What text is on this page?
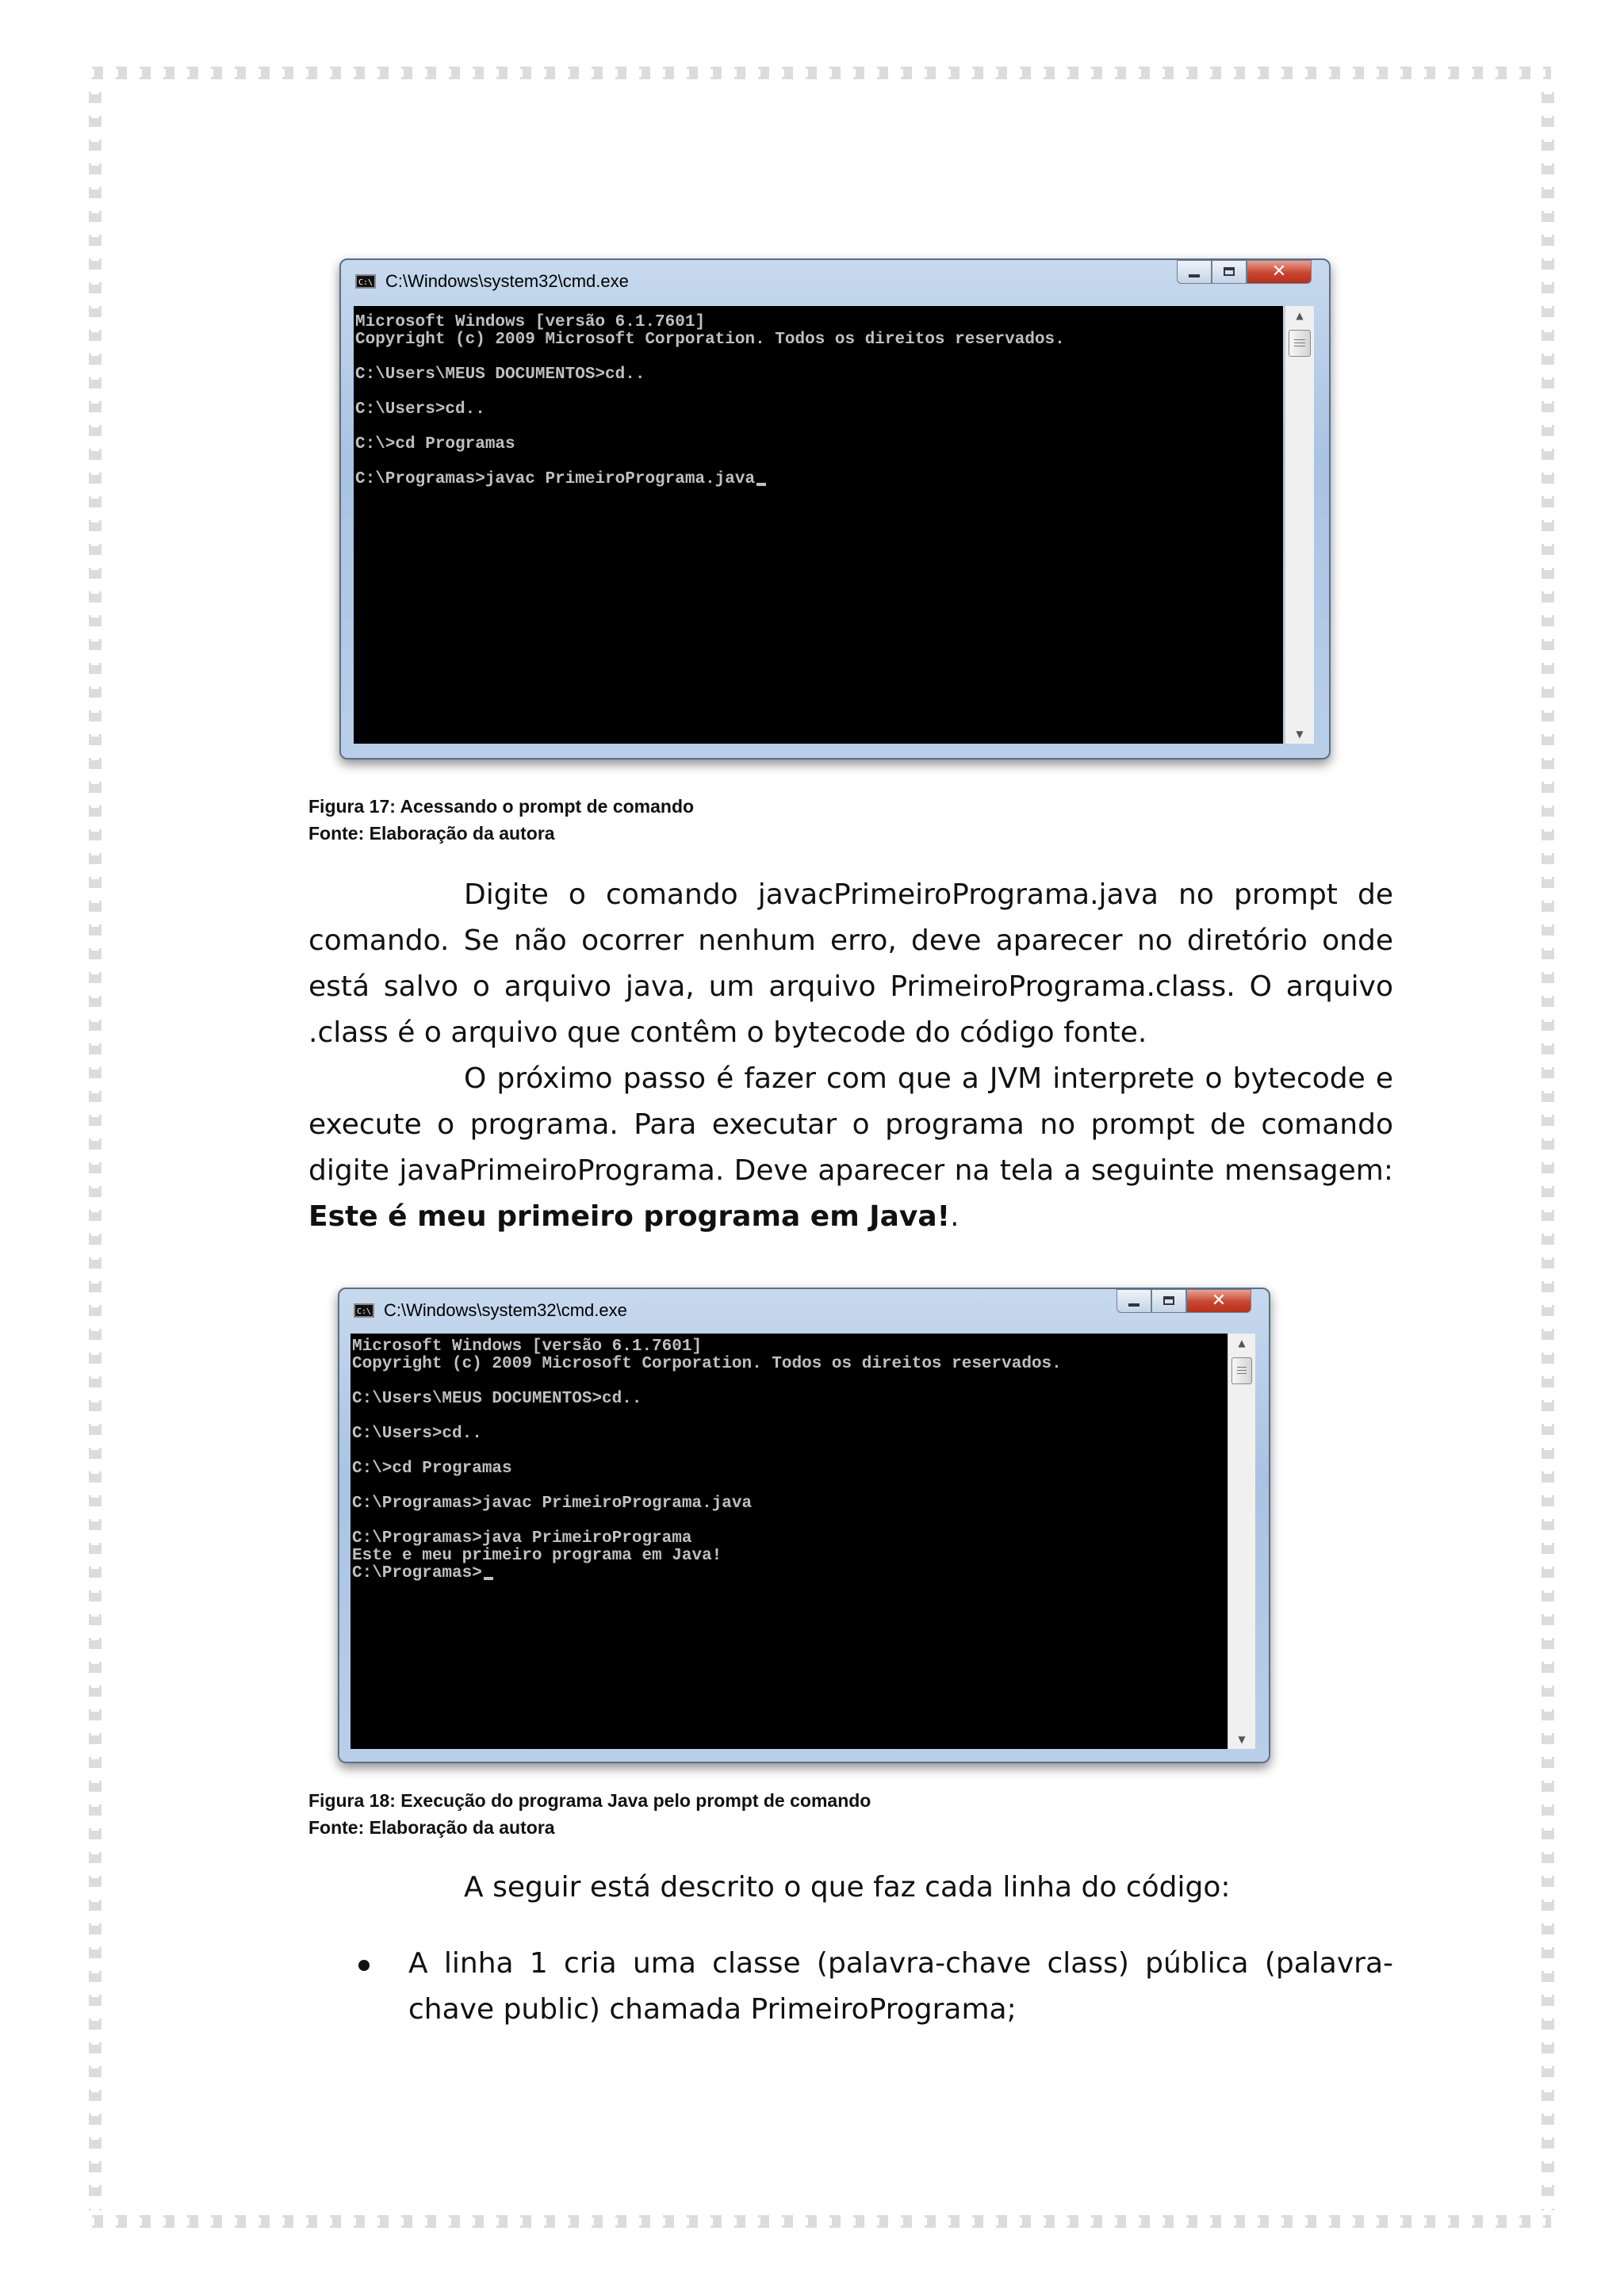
C:\ C:\Windows\system32\cmd.exe	✕
Microsoft Windows [versão 6.1.7601]
Copyright (c) 2009 Microsoft Corporation. Todos os direitos reservados.
C:\Users\MEUS DOCUMENTOS>cd..
C:\Users>cd..
C:\>cd Programas
C:\Programas>javac PrimeiroPrograma.java
▲
▼
Figura 17: Acessando o prompt de comando
Fonte: Elaboração da autora

Digite o comando javacPrimeiroPrograma.java no prompt de comando. Se não ocorrer nenhum erro, deve aparecer no diretório onde está salvo o arquivo java, um arquivo PrimeiroPrograma.class. O arquivo .class é o arquivo que contêm o bytecode do código fonte.

O próximo passo é fazer com que a JVM interprete o bytecode e execute o programa. Para executar o programa no prompt de comando digite javaPrimeiroPrograma. Deve aparecer na tela a seguinte mensagem: Este é meu primeiro programa em Java!.

C:\ C:\Windows\system32\cmd.exe	✕
Microsoft Windows [versão 6.1.7601]
Copyright (c) 2009 Microsoft Corporation. Todos os direitos reservados.
C:\Users\MEUS DOCUMENTOS>cd..
C:\Users>cd..
C:\>cd Programas
C:\Programas>javac PrimeiroPrograma.java
C:\Programas>java PrimeiroPrograma
Este e meu primeiro programa em Java!
C:\Programas>
▲
▼
Figura 18: Execução do programa Java pelo prompt de comando
Fonte: Elaboração da autora

A seguir está descrito o que faz cada linha do código:

A linha 1 cria uma classe (palavra-chave class) pública (palavra-chave public) chamada PrimeiroPrograma;
